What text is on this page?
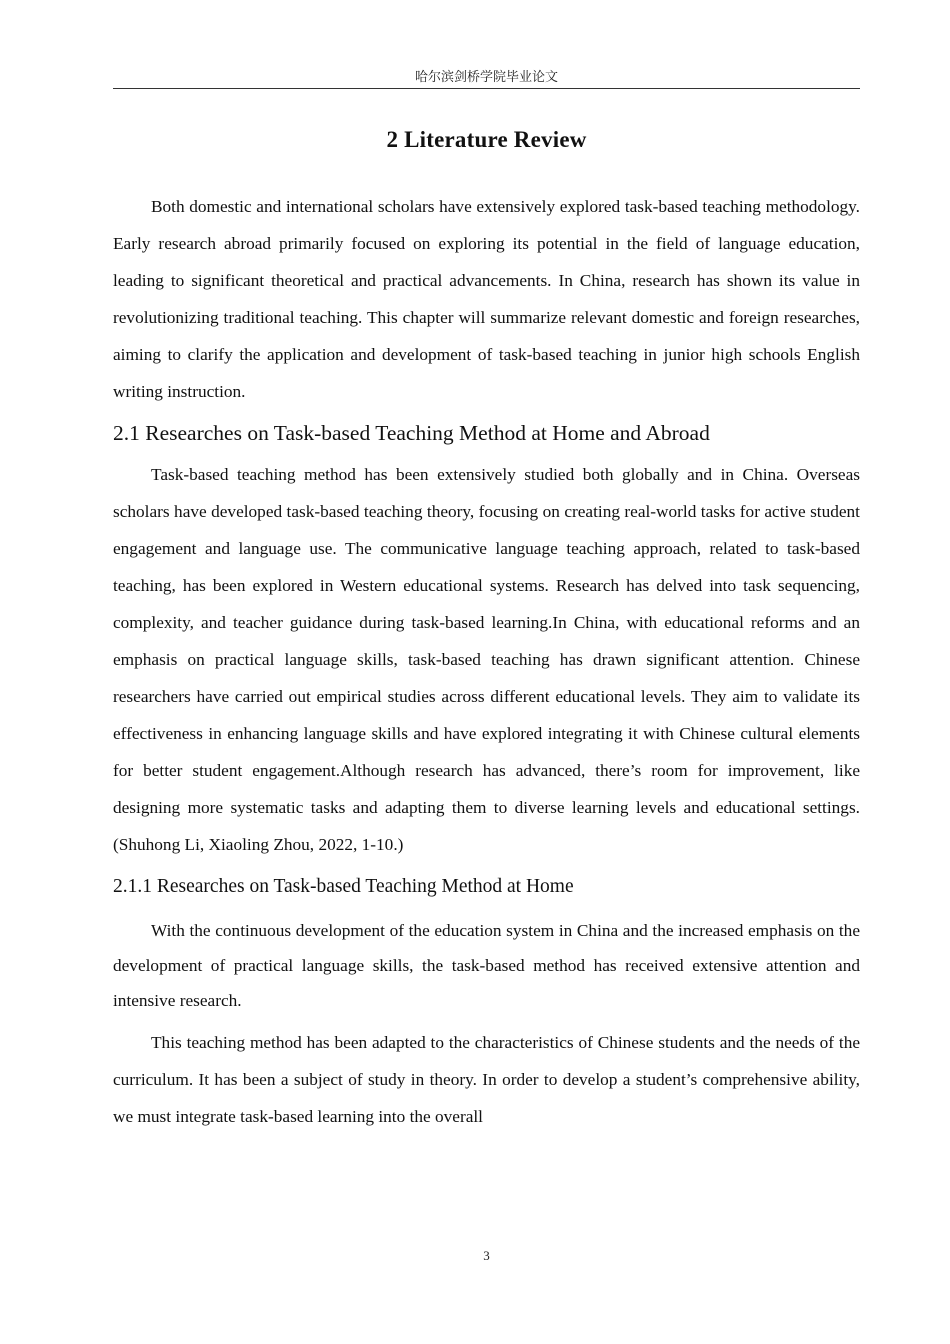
哈尔滨剑桥学院毕业论文
2 Literature Review

Both domestic and international scholars have extensively explored task-based teaching methodology. Early research abroad primarily focused on exploring its potential in the field of language education, leading to significant theoretical and practical advancements. In China, research has shown its value in revolutionizing traditional teaching. This chapter will summarize relevant domestic and foreign researches, aiming to clarify the application and development of task-based teaching in junior high schools English writing instruction.

2.1 Researches on Task-based Teaching Method at Home and Abroad

Task-based teaching method has been extensively studied both globally and in China. Overseas scholars have developed task-based teaching theory, focusing on creating real-world tasks for active student engagement and language use. The communicative language teaching approach, related to task-based teaching, has been explored in Western educational systems. Research has delved into task sequencing, complexity, and teacher guidance during task-based learning.In China, with educational reforms and an emphasis on practical language skills, task-based teaching has drawn significant attention. Chinese researchers have carried out empirical studies across different educational levels. They aim to validate its effectiveness in enhancing language skills and have explored integrating it with Chinese cultural elements for better student engagement.Although research has advanced, there’s room for improvement, like designing more systematic tasks and adapting them to diverse learning levels and educational settings. (Shuhong Li, Xiaoling Zhou, 2022, 1-10.)

2.1.1 Researches on Task-based Teaching Method at Home

With the continuous development of the education system in China and the increased emphasis on the development of practical language skills, the task-based method has received extensive attention and intensive research.

This teaching method has been adapted to the characteristics of Chinese students and the needs of the curriculum. It has been a subject of study in theory. In order to develop a student’s comprehensive ability, we must integrate task-based learning into the overall

3
